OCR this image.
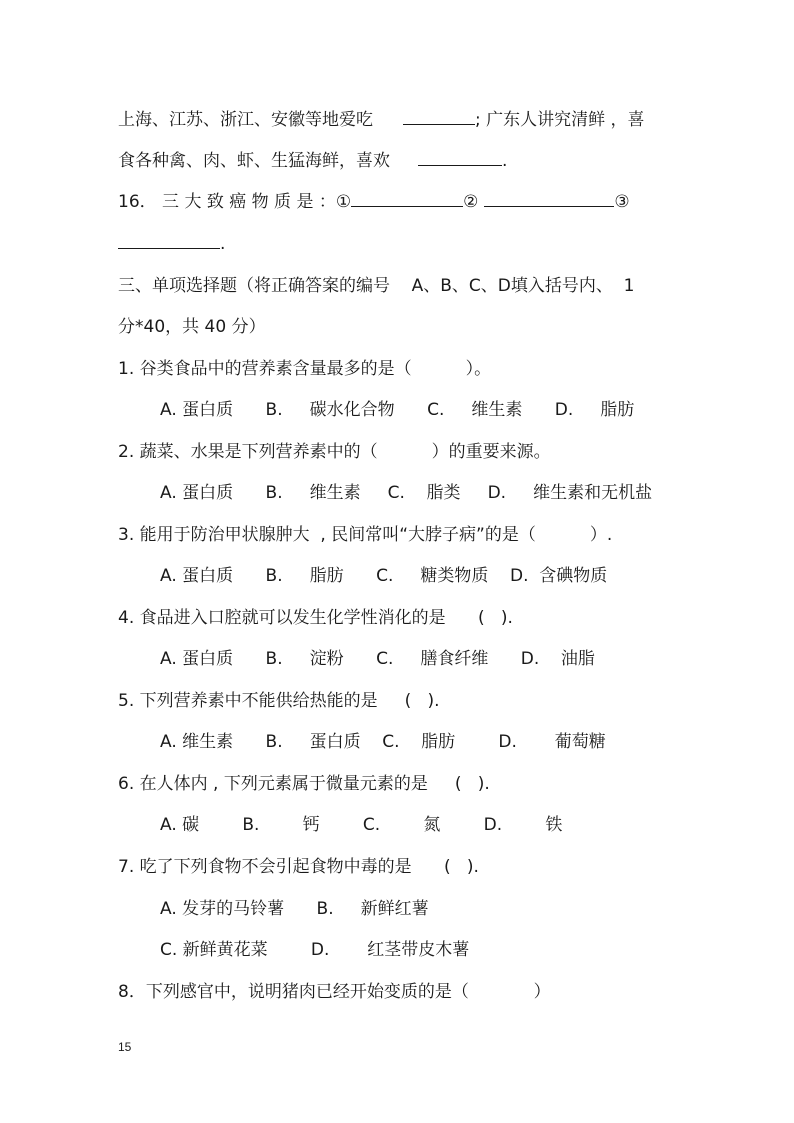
上海、江苏、浙江、安徽等地爱吃	; 广东人讲究清鲜 ，喜
食各种禽、肉、虾、生猛海鲜，喜欢	.
16． 三 大 致 癌 物 质 是 ：①	②	③
.
三、单项选择题（将正确答案的编号    A、B、C、D填入括号内、  1
分*40，共 40 分）
1. 谷类食品中的营养素含量最多的是（          ）。
A. 蛋白质      B.     碳水化合物      C.     维生素      D.     脂肪
2. 蔬菜、水果是下列营养素中的（          ）的重要来源。
A. 蛋白质      B.     维生素     C.    脂类     D.     维生素和无机盐
3. 能用于防治甲状腺肿大  , 民间常叫“大脖子病”的是（          ）.
A. 蛋白质      B.     脂肪      C.     糖类物质    D.  含碘物质
4. 食品进入口腔就可以发生化学性消化的是      (   ).
A. 蛋白质      B.     淀粉      C.     膳食纤维      D.    油脂
5. 下列营养素中不能供给热能的是     (   ).
A. 维生素      B.     蛋白质    C.    脂肪        D.       葡萄糖
6. 在人体内 , 下列元素属于微量元素的是     (   ).
A. 碳        B.        钙        C.        氮        D.        铁
7. 吃了下列食物不会引起食物中毒的是      (   ).
A. 发芽的马铃薯      B.     新鲜红薯
C. 新鲜黄花菜        D.       红茎带皮木薯
8．下列感官中，说明猪肉已经开始变质的是（            ）
15
